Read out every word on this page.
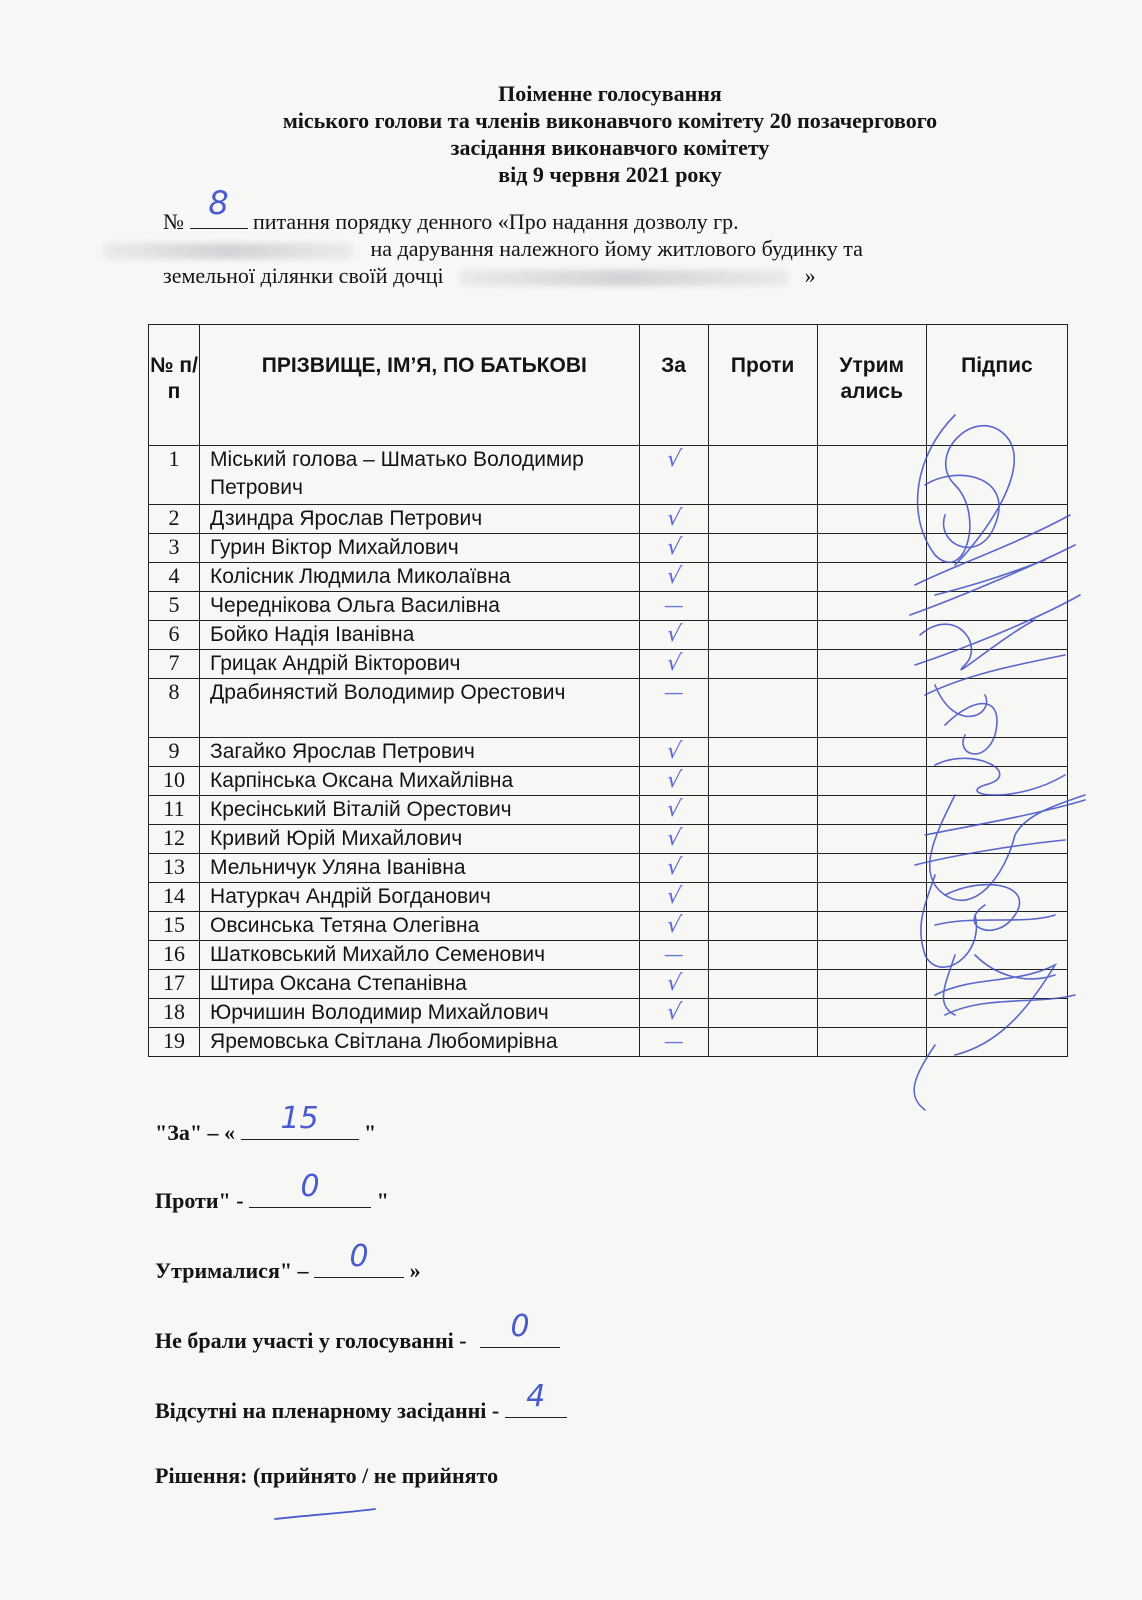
Поіменне голосування
міського голови та членів виконавчого комітету 20 позачергового
засідання виконавчого комітету
від 9 червня 2021 року
№ 8	питання порядку денного «Про надання дозволу гр.
на дарування належного йому житлового будинку та
земельної ділянки своїй дочці	»
№ п/п	ПРІЗВИЩЕ, ІМ’Я, ПО БАТЬКОВІ	За	Проти	Утрим ались	Підпис
1	Міський голова – Шматько Володимир Петрович	√			
2	Дзиндра Ярослав Петрович	√			
3	Гурин Віктор Михайлович	√			
4	Колісник Людмила Миколаївна	√			
5	Череднікова Ольга Василівна	—			
6	Бойко Надія Іванівна	√			
7	Грицак Андрій Вікторович	√			
8	Драбинястий Володимир Орестович	—			
9	Загайко Ярослав Петрович	√			
10	Карпінська Оксана Михайлівна	√			
11	Кресінський Віталій Орестович	√			
12	Кривий Юрій Михайлович	√			
13	Мельничук Уляна Іванівна	√			
14	Натуркач Андрій Богданович	√			
15	Овсинська Тетяна Олегівна	√			
16	Шатковський Михайло Семенович	—			
17	Штира Оксана Степанівна	√			
18	Юрчишин Володимир Михайлович	√			
19	Яремовська Світлана Любомирівна	—			
"За" – «	15	"
Проти" -	0	"
Утрималися" –	0	»
Не брали участі у голосуванні -	0
Відсутні на пленарному засіданні - 4
Рішення: (прийнято / не прийнято
